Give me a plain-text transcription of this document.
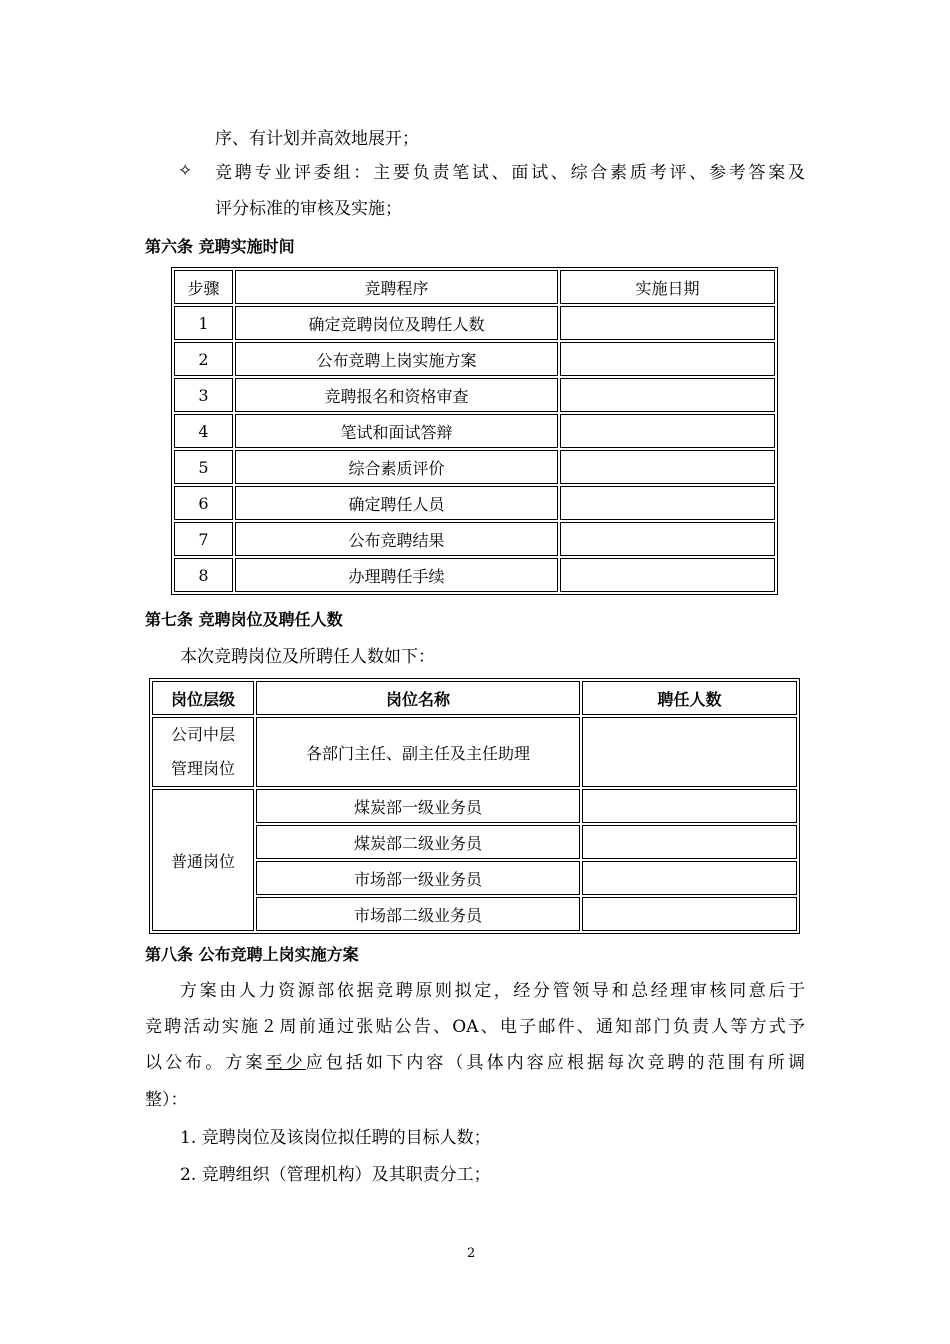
序、有计划并高效地展开；
✧ 竞聘专业评委组：主要负责笔试、面试、综合素质考评、参考答案及
评分标准的审核及实施；
第六条 竞聘实施时间
步骤	竞聘程序	实施日期
1	确定竞聘岗位及聘任人数	
2	公布竞聘上岗实施方案	
3	竞聘报名和资格审查	
4	笔试和面试答辩	
5	综合素质评价	
6	确定聘任人员	
7	公布竞聘结果	
8	办理聘任手续	
第七条 竞聘岗位及聘任人数
本次竞聘岗位及所聘任人数如下：
岗位层级	岗位名称	聘任人数

公司中层
管理岗位	各部门主任、副主任及主任助理	
普通岗位	煤炭部一级业务员	
	煤炭部二级业务员	
	市场部一级业务员	
	市场部二级业务员	
第八条 公布竞聘上岗实施方案
方案由人力资源部依据竞聘原则拟定，经分管领导和总经理审核同意后于
竞聘活动实施２周前通过张贴公告、OA、电子邮件、通知部门负责人等方式予
以公布。方案至少应包括如下内容（具体内容应根据每次竞聘的范围有所调
整）：
1. 竞聘岗位及该岗位拟任聘的目标人数；
2. 竞聘组织（管理机构）及其职责分工；
2
